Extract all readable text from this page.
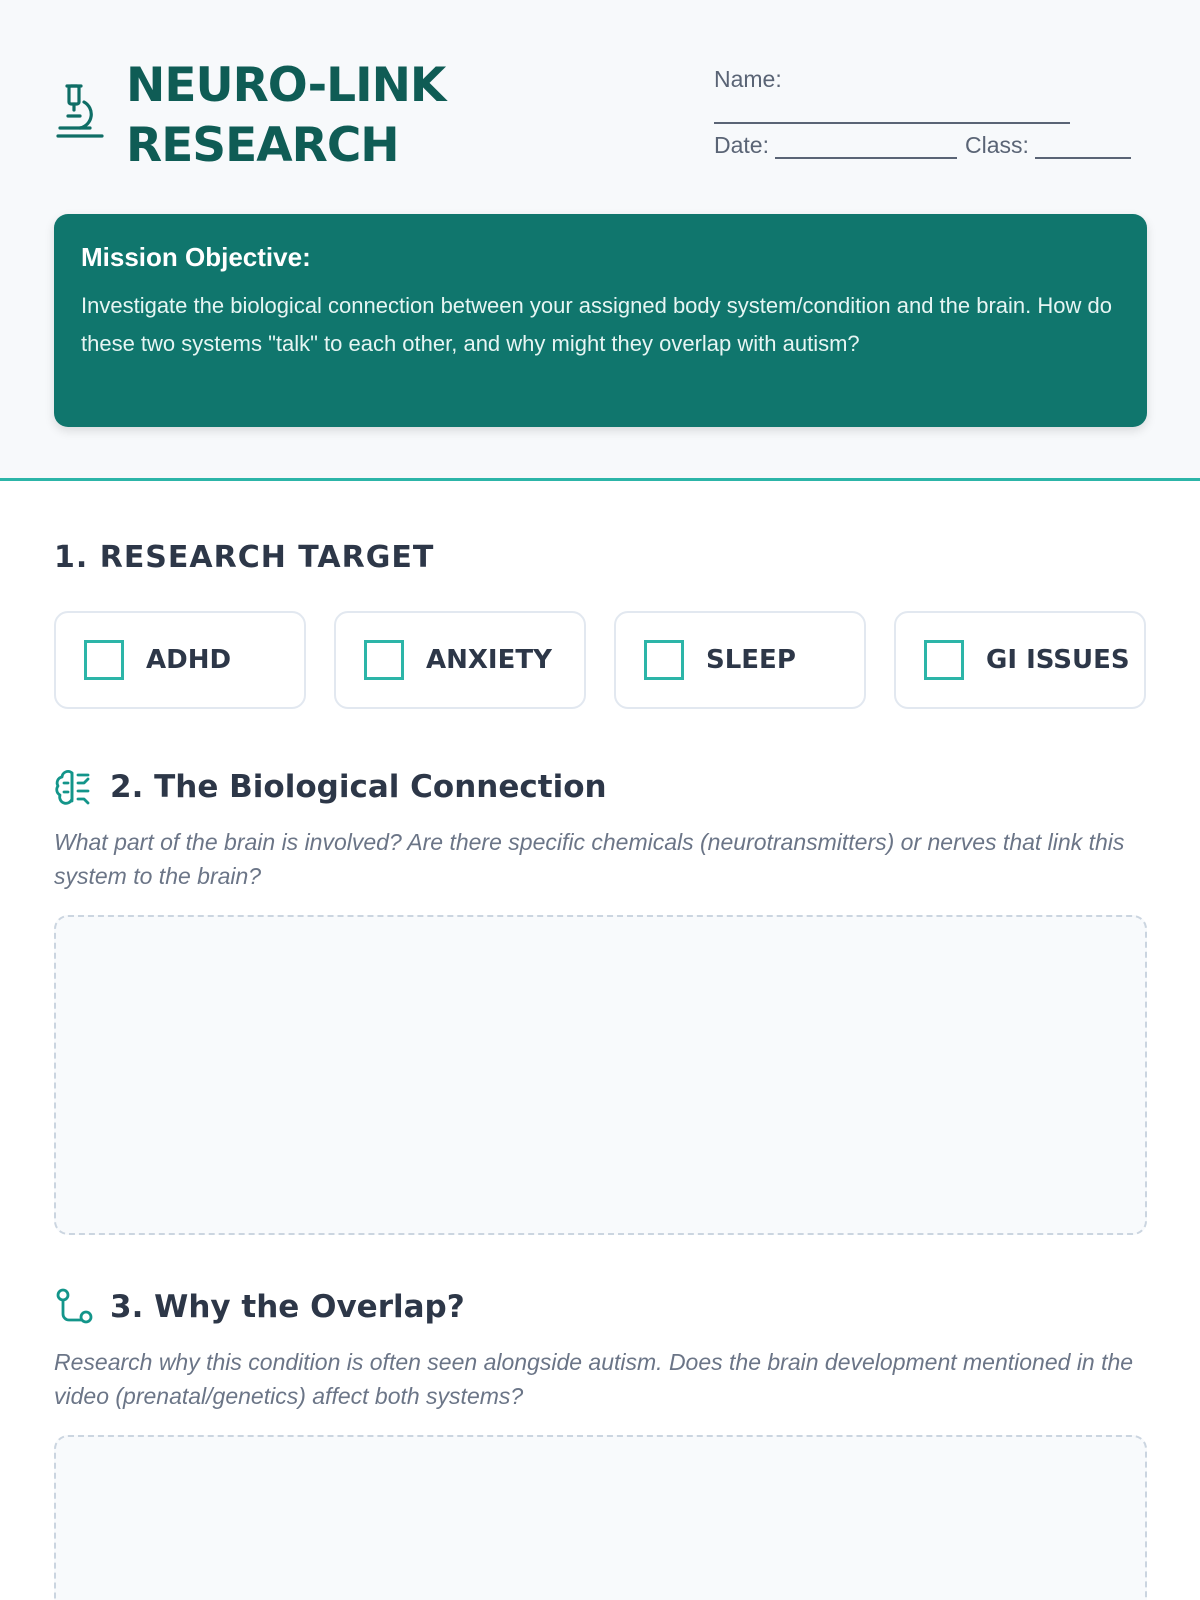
NEURO-LINK
RESEARCH
Name:
Date:	Class:
Mission Objective:

Investigate the biological connection between your assigned body system/condition and the brain. How do these two systems "talk" to each other, and why might they overlap with autism?

1. RESEARCH TARGET
ADHD	ANXIETY	SLEEP	GI ISSUES
2. The Biological Connection

What part of the brain is involved? Are there specific chemicals (neurotransmitters) or nerves that link this system to the brain?

3. Why the Overlap?

Research why this condition is often seen alongside autism. Does the brain development mentioned in the video (prenatal/genetics) affect both systems?
